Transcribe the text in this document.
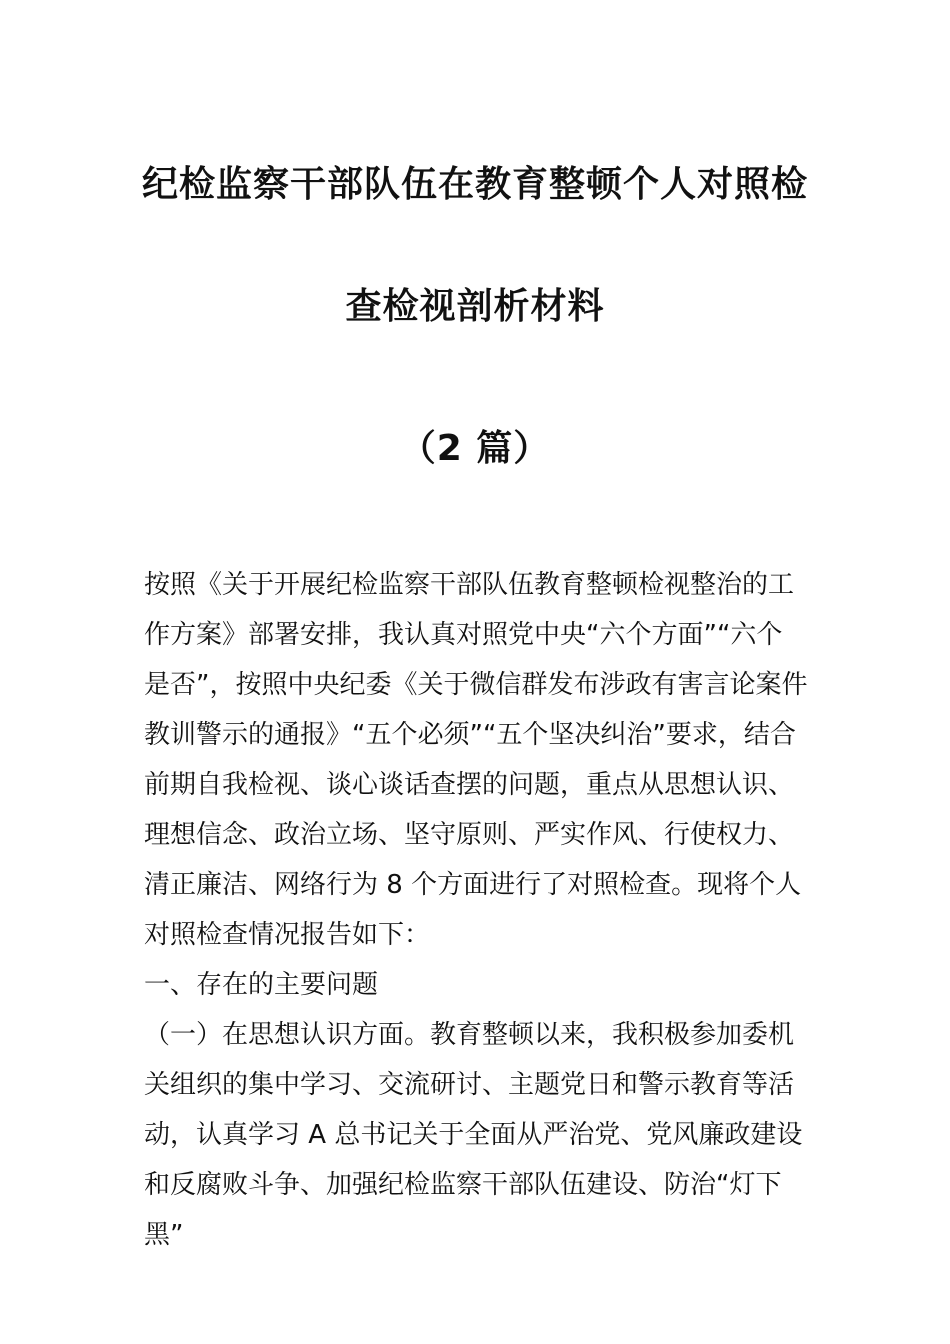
纪检监察干部队伍在教育整顿个人对照检
查检视剖析材料
（2 篇）

按照《关于开展纪检监察干部队伍教育整顿检视整治的工作方案》部署安排，我认真对照党中央“六个方面”“六个是否”，按照中央纪委《关于微信群发布涉政有害言论案件教训警示的通报》“五个必须”“五个坚决纠治”要求，结合前期自我检视、谈心谈话查摆的问题，重点从思想认识、理想信念、政治立场、坚守原则、严实作风、行使权力、清正廉洁、网络行为 8 个方面进行了对照检查。现将个人对照检查情况报告如下：

一、存在的主要问题

（一）在思想认识方面。教育整顿以来，我积极参加委机关组织的集中学习、交流研讨、主题党日和警示教育等活动，认真学习 A 总书记关于全面从严治党、党风廉政建设和反腐败斗争、加强纪检监察干部队伍建设、防治“灯下黑”
